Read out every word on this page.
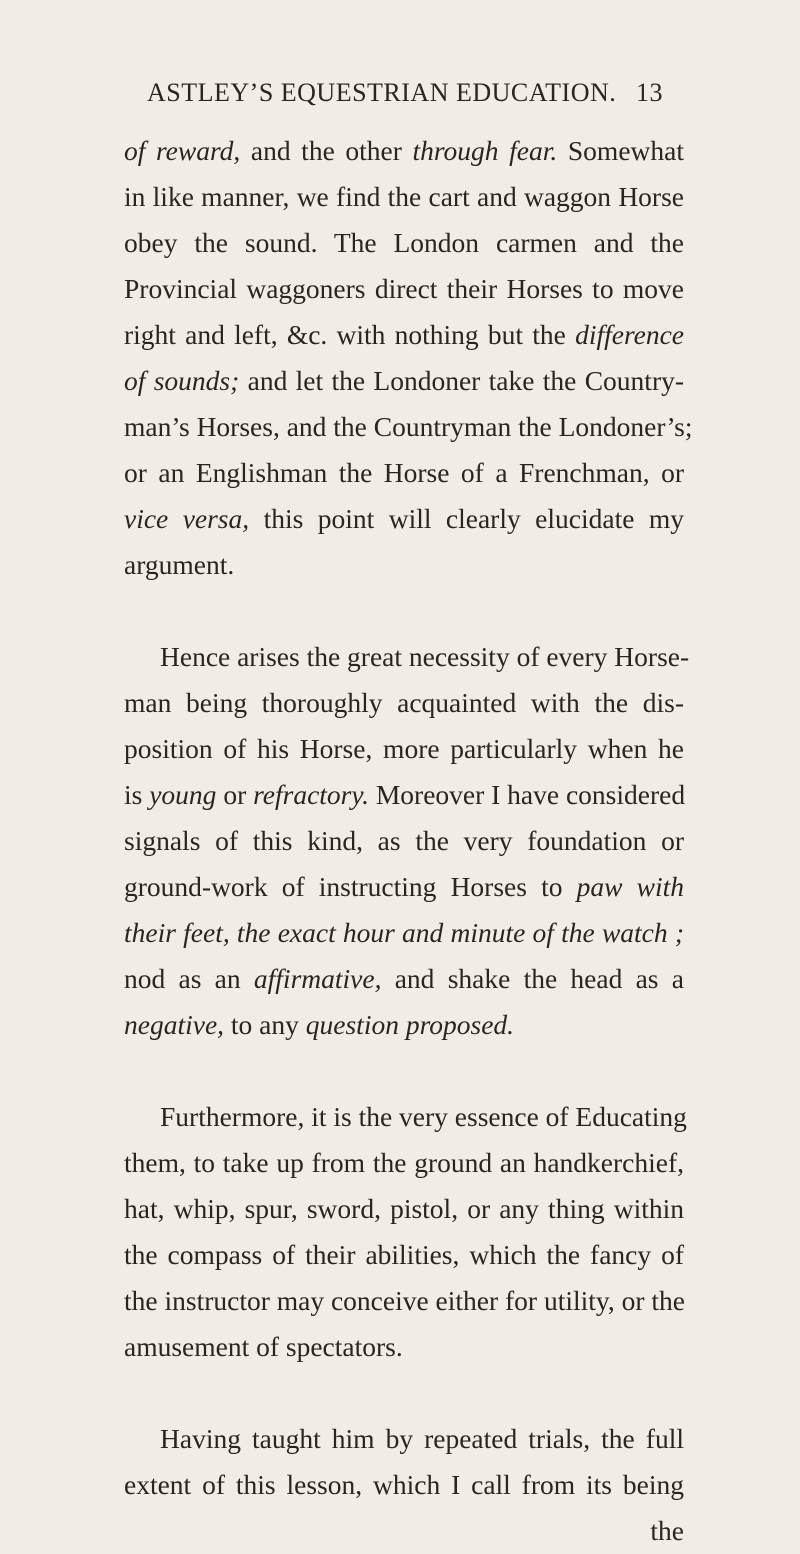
ASTLEY’S EQUESTRIAN EDUCATION. 13
of reward, and the other through fear. Somewhat
in like manner, we find the cart and waggon Horse
obey the sound. The London carmen and the
Provincial waggoners direct their Horses to move
right and left, &c. with nothing but the difference
of sounds; and let the Londoner take the Country-
man’s Horses, and the Countryman the Londoner’s;
or an Englishman the Horse of a Frenchman, or
vice versa, this point will clearly elucidate my
argument.
Hence arises the great necessity of every Horse-
man being thoroughly acquainted with the dis-
position of his Horse, more particularly when he
is young or refractory. Moreover I have considered
signals of this kind, as the very foundation or
ground-work of instructing Horses to paw with
their feet, the exact hour and minute of the watch ;
nod as an affirmative, and shake the head as a
negative, to any question proposed.
Furthermore, it is the very essence of Educating
them, to take up from the ground an handkerchief,
hat, whip, spur, sword, pistol, or any thing within
the compass of their abilities, which the fancy of
the instructor may conceive either for utility, or the
amusement of spectators.
Having taught him by repeated trials, the full
extent of this lesson, which I call from its being
the
